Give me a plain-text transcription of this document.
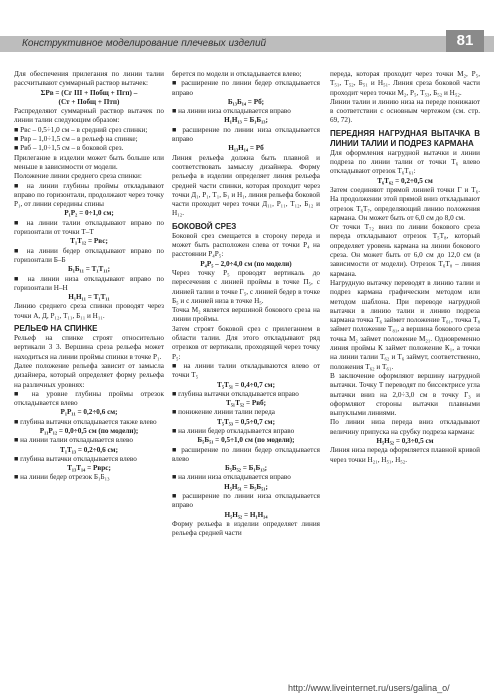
Конструктивное моделирование плечевых изделий	81

Для обеспечения прилегания по линии талии рассчитывают суммарный раствор вытачек:

ΣРв = (Сг III + Побщ + Пгп) –

(Ст + Побщ + Птп)

Распределяют суммарный раствор вытачек по линии талии следующим образом:

■ Рвс – 0,5÷1,0 см – в средний срез спинки;

■ Рвр – 1,0÷1,5 см – в рельеф на спинке;

■ Рвб – 1,0÷1,5 см – в боковой срез.

Прилегание в изделии может быть больше или меньше в зависимости от модели.

Положение линии среднего среза спинки:

■ на линии глубины проймы откладывают вправо по горизонтали, продолжают через точку Р₁, от линии середины спины

Р₁Р₂ = 0÷1,0 см;

■ на линии талии откладывают вправо по горизонтали от точки Т–Т

Т₁Т₁₂ = Рвс;

■ на линии бедер откладывают вправо по горизонтали Б–Б

Б₁Б₁₁ = Т₁Т₁₁;

■ на линии низа откладывают вправо по горизонтали Н–Н

Н₁Н₁₁ = Т₁Т₁₁

Линию среднего среза спинки проводят через точки А, Д, Р₁₂, Т₁₁, Б₁₁ и Н₁₁.

РЕЛЬЕФ НА СПИНКЕ

Рельеф на спинке строят относительно вертикали 3 3. Вершина среза рельефа может находиться на линии проймы спинки в точке Р₁.

Далее положение рельефа зависит от замысла дизайнера, который определяет форму рельефа на различных уровнях:

■ на уровне глубины проймы отрезок откладывается влево

Р₁Р₁₁ = 0,2÷0,6 см;

■ глубина вытачки откладывается также влево

Р₁₁Р₁₂ = 0,0÷0,5 см (по модели);

■ на линии талии откладывается влево

Т₁Т₁₃ = 0,2÷0,6 см;

■ глубина вытачки откладывается влево

Т₁₃Т₁₄ = Рврс;

■ на линии бедер отрезок Б₁Б₁₃

берется по модели и откладывается влево;

■ расширение по линии бедер откладывается вправо

Б₁₃Б₁₄ = Рб;

■ на линии низа откладывается вправо

Н₁Н₁₃ = Б₁Б₁₃;

■ расширение по линии низа откладывается вправо

Н₁₃Н₁₄ = Рб

Линия рельефа должна быть плавной и соответствовать замыслу дизайнера. Форму рельефа в изделии определяет линия рельефа средней части спинки, которая проходит через точки Д₁, Р₁, Т₁, Б₁ и Н₁, линия рельефа боковой части проходит через точки Д₁₁, Р₁₁, Т₁₂, Б₁₂ и Н₁₂.

БОКОВОЙ СРЕЗ

Боковой срез смещается в сторону переда и может быть расположен слева от точки Р₄ на расстоянии Р₄Р₅:

Р₄Р₅ – 2,0÷4,0 см (по модели)

Через точку Р₅ проводят вертикаль до пересечения с линией проймы в точке П₅, с линией талии в точке Г₅, с линией бедер в точке Б₅ и с линией низа в точке Н₅.

Точка М₂ является вершиной бокового среза на линии проймы.

Затем строят боковой срез с прилеганием в области талии. Для этого откладывают ряд отрезков от вертикали, проходящей через точку Р₅:

■ на линии талии откладываются влево от точки Т₅

Т₅Т₅₁ = 0,4÷0,7 см;

■ глубина вытачки откладывается вправо

Т₅₁Т₅₂ = Рвб;

■ понижение линии талии переда

Т₅Т₅₃ = 0,5÷0,7 см;

■ на линии бедер откладывается вправо

Б₅Б₅₁ = 0,5÷1,0 см (по модели);

■ расширение по линии бедер откладывается влево

Б₅Б₅₂ = Б₁Б₁₃;

■ на линии низа откладывается вправо

Н₅Н₅₁ = Б₅Б₅₁;

■ расширение по линии низа откладывается вправо

Н₅Н₅₂ = Н₁Н₁₄

Форму рельефа в изделии определяет линия рельефа средней части

переда, которая проходит через точки М₂, Р₅, Т₅₁, Т₅₂, Б₅₁ и Н₅₁. Линия среза боковой части проходит через точки М₂, Р₅, Т₅₃, Б₅₂ и Н₅₂.

Линии талии и линию низа на переде понижают в соответствии с основным чертежом (см. стр. 69, 72).

ПЕРЕДНЯЯ НАГРУДНАЯ ВЫТАЧКА В ЛИНИИ ТАЛИИ И ПОДРЕЗ КАРМАНА

Для оформления нагрудной вытачки и линии подреза по линии талии от точки Т₆ влево откладывают отрезок Т₆Т₆₁:

Т₆Т₆₂ = 0,2÷0,5 см

Затем соединяют прямой линией точки Г и Т₆. На продолжении этой прямой вниз откладывают отрезок Т₆Т₇, определяющий линию положения кармана. Он может быть от 6,0 см до 8,0 см.

От точки Т₇₂ вниз по линии бокового среза переда откладывают отрезок Т₅Т₈, который определяет уровень кармана на линии бокового среза. Он может быть от 6,0 см до 12,0 см (в зависимости от модели). Отрезок Т₆Т₈ – линия кармана.

Нагрудную вытачку переводят в линию талии и подрез кармана графическим методом или методом шаблона. При переводе нагрудной вытачки в линию талии и линию подреза кармана точка Т₆ займет положение Т₆₁, точка Т₈ займет положение Т₈₁, а вершина бокового среза точка М₂ займет положение М₂₁. Одновременно линия проймы К займет положение К₁, а точки на линии талии Т₆₂ и Т₆ займут, соответственно, положения Т₆₂ и Т₆₁.

В заключение оформляют вершину нагрудной вытачки. Точку Т переводят по биссектрисе угла вытачки вниз на 2,0÷3,0 см в точку Г₃ и оформляют стороны вытачки плавными выпуклыми линиями.

По линии низа переда вниз откладывают величину припуска на срубку подреза кармана:

Н₅Н₅₂ = 0,3÷0,5 см

Линия низа переда оформляется плавной кривой через точки Н₂₁, Н₅₁, Н₅₂.

http://www.liveinternet.ru/users/galina_o/
